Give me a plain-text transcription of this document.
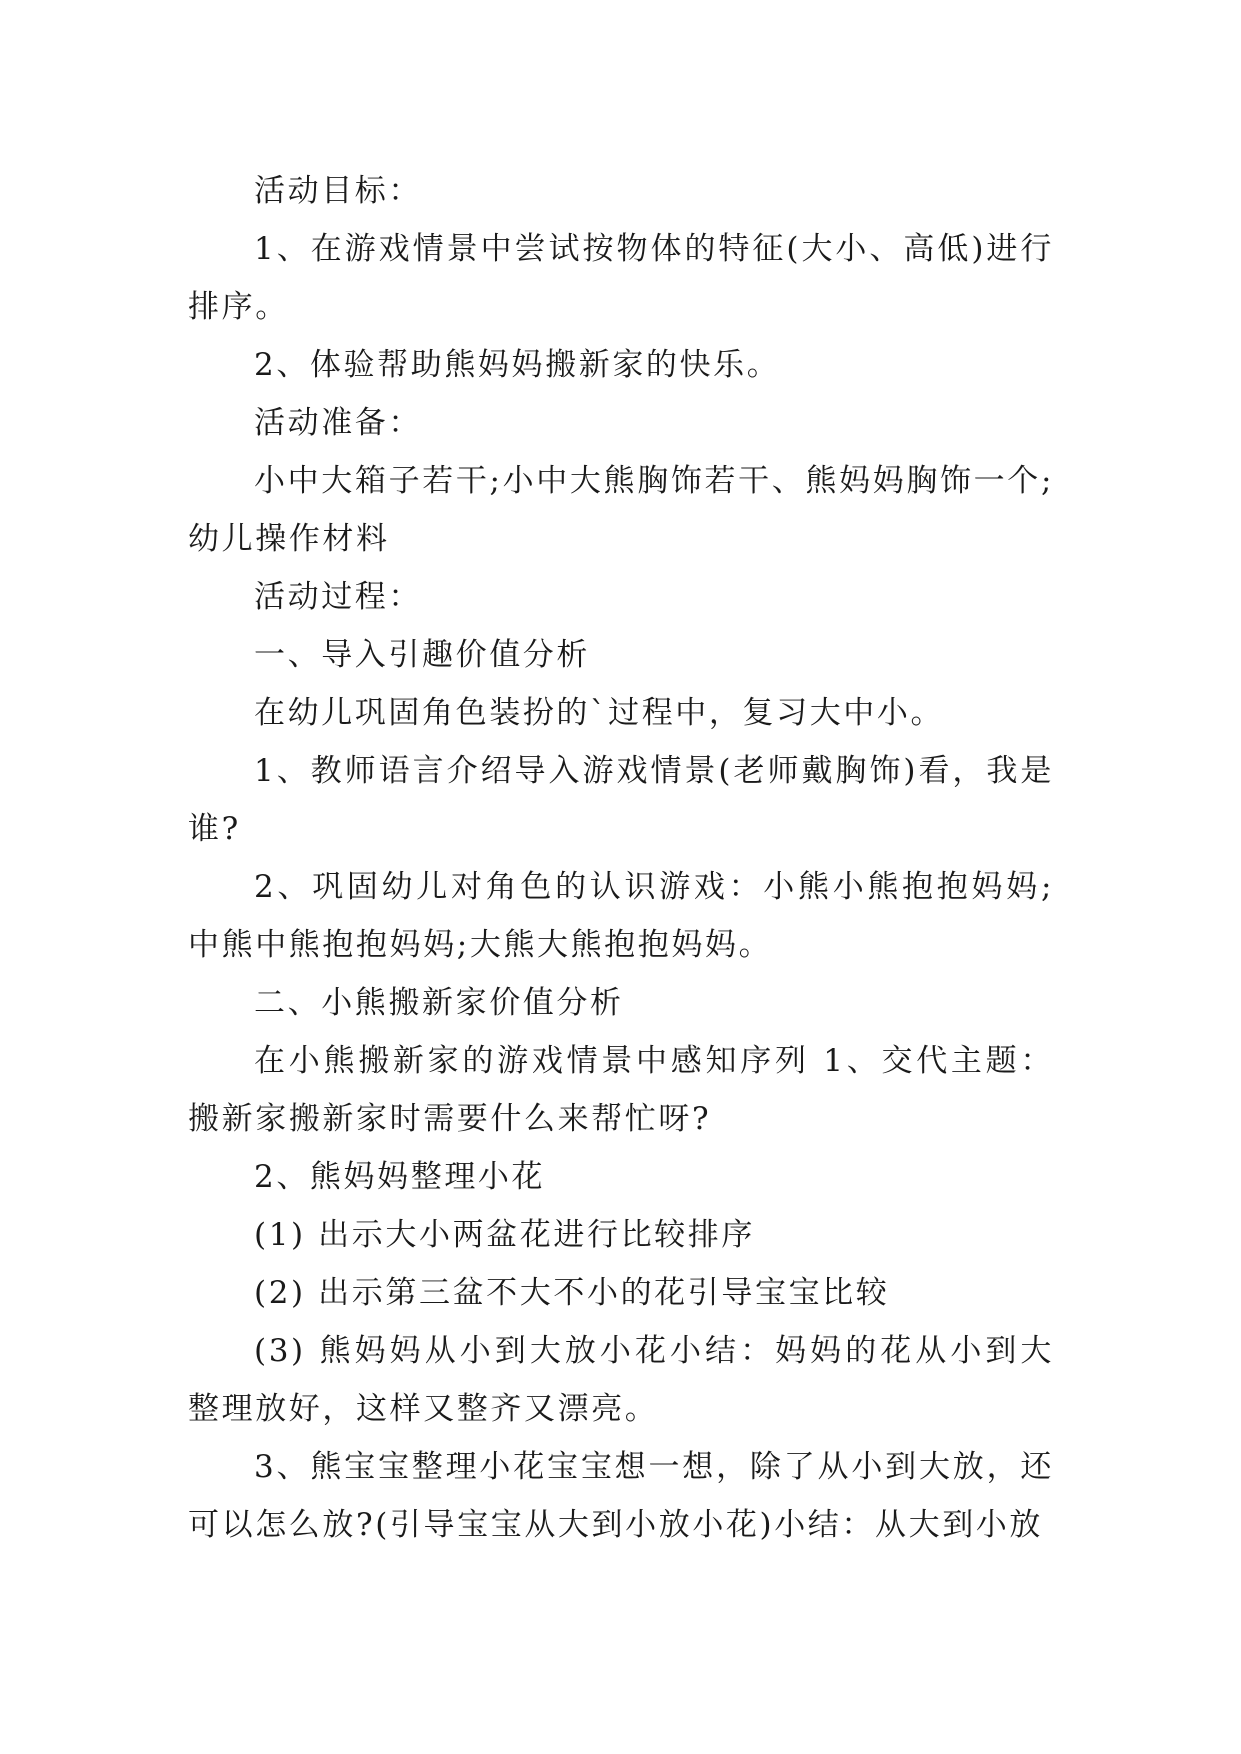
活动目标：

1、在游戏情景中尝试按物体的特征(大小、高低)进行排序。

2、体验帮助熊妈妈搬新家的快乐。

活动准备：

小中大箱子若干;小中大熊胸饰若干、熊妈妈胸饰一个;幼儿操作材料

活动过程：

一、导入引趣价值分析

在幼儿巩固角色装扮的`过程中，复习大中小。

1、教师语言介绍导入游戏情景(老师戴胸饰)看，我是谁?

2、巩固幼儿对角色的认识游戏：小熊小熊抱抱妈妈;中熊中熊抱抱妈妈;大熊大熊抱抱妈妈。

二、小熊搬新家价值分析

在小熊搬新家的游戏情景中感知序列 1、交代主题：搬新家搬新家时需要什么来帮忙呀?

2、熊妈妈整理小花

(1) 出示大小两盆花进行比较排序

(2) 出示第三盆不大不小的花引导宝宝比较

(3) 熊妈妈从小到大放小花小结：妈妈的花从小到大整理放好，这样又整齐又漂亮。

3、熊宝宝整理小花宝宝想一想，除了从小到大放，还可以怎么放?(引导宝宝从大到小放小花)小结：从大到小放
